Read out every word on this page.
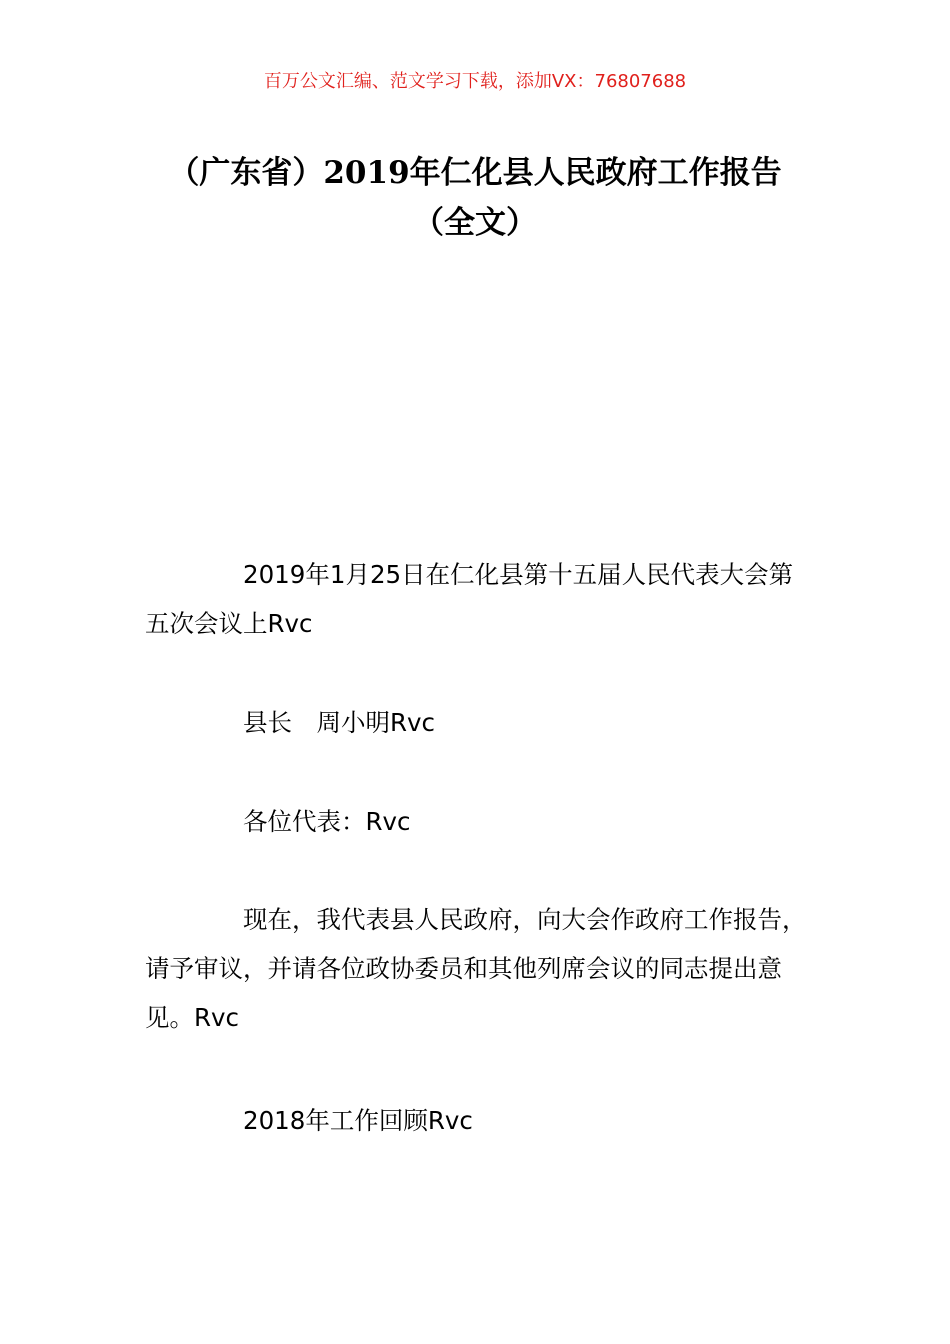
百万公文汇编、范文学习下载，添加VX：76807688
（广东省）2019年仁化县人民政府工作报告（全文）

2019年1月25日在仁化县第十五届人民代表大会第五次会议上Rvc

县长　周小明Rvc

各位代表：Rvc

现在，我代表县人民政府，向大会作政府工作报告，请予审议，并请各位政协委员和其他列席会议的同志提出意见。Rvc

2018年工作回顾Rvc
